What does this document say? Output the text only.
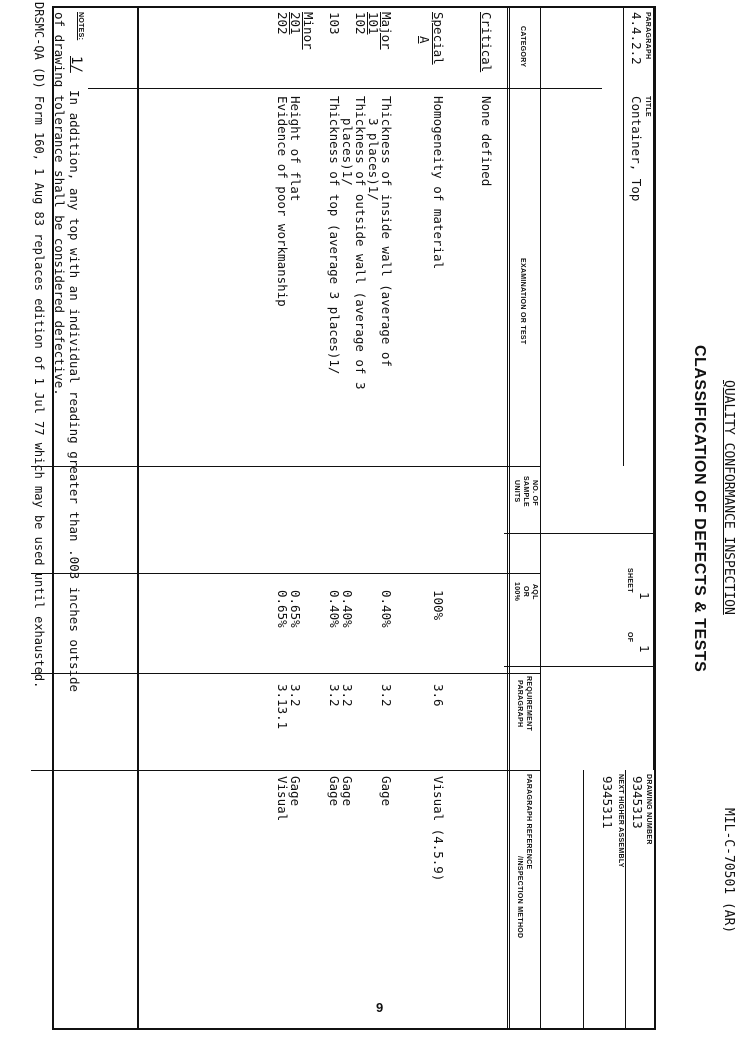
QUALITY CONFORMANCE INSPECTION
MIL-C-70501 (AR)
CLASSIFICATION OF DEFECTS & TESTS
PARAGRAPH
4.4.2.2
TITLE
Container, Top
1
1
SHEET
OF
DRAWING NUMBER
9345313
NEXT HIGHER ASSEMBLY
9345311
CATEGORY
EXAMINATION OR TEST
NO. OF
SAMPLE
UNITS
AQL
OR
100%
REQUIREMENT
PARAGRAPH
PARAGRAPH REFERENCE
/INSPECTION METHOD
Critical
None defined
Special
A
Homogeneity of material
100%
3.6
Visual (4.5.9)
Major
101
Thickness of inside wall (average of
3 places)1/
0.40%
3.2
Gage
102
Thickness of outside wall (average of 3
places)1/
0.40%
3.2
Gage
103
Thickness of top (average 3 places)1/
0.40%
3.2
Gage
Minor
201
Height of flat
0.65%
3.2
Gage
202
Evidence of poor workmanship
0.65%
3.13.1
Visual
NOTES:
1/
In addition, any top with an individual reading greater than .003 inches outside
of drawing tolerance shall be considered defective.
DRSMC-QA (D) Form 160, 1 Aug 83 replaces edition of 1 Jul 77 which may be used until exhausted.
9
